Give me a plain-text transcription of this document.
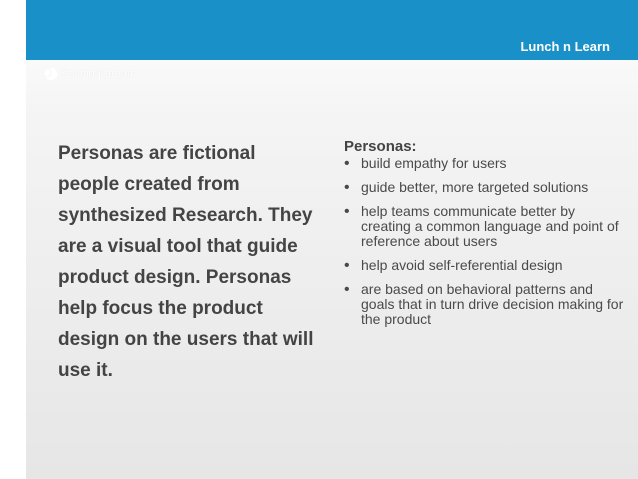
Lunch n Learn
SolutionStream

Personas are fictional people created from synthesized Research. They are a visual tool that guide product design. Personas help focus the product design on the users that will use it.

Personas:

• build empathy for users
• guide better, more targeted solutions
• help teams communicate better by creating a common language and point of reference about users
• help avoid self-referential design
• are based on behavioral patterns and goals that in turn drive decision making for the product
